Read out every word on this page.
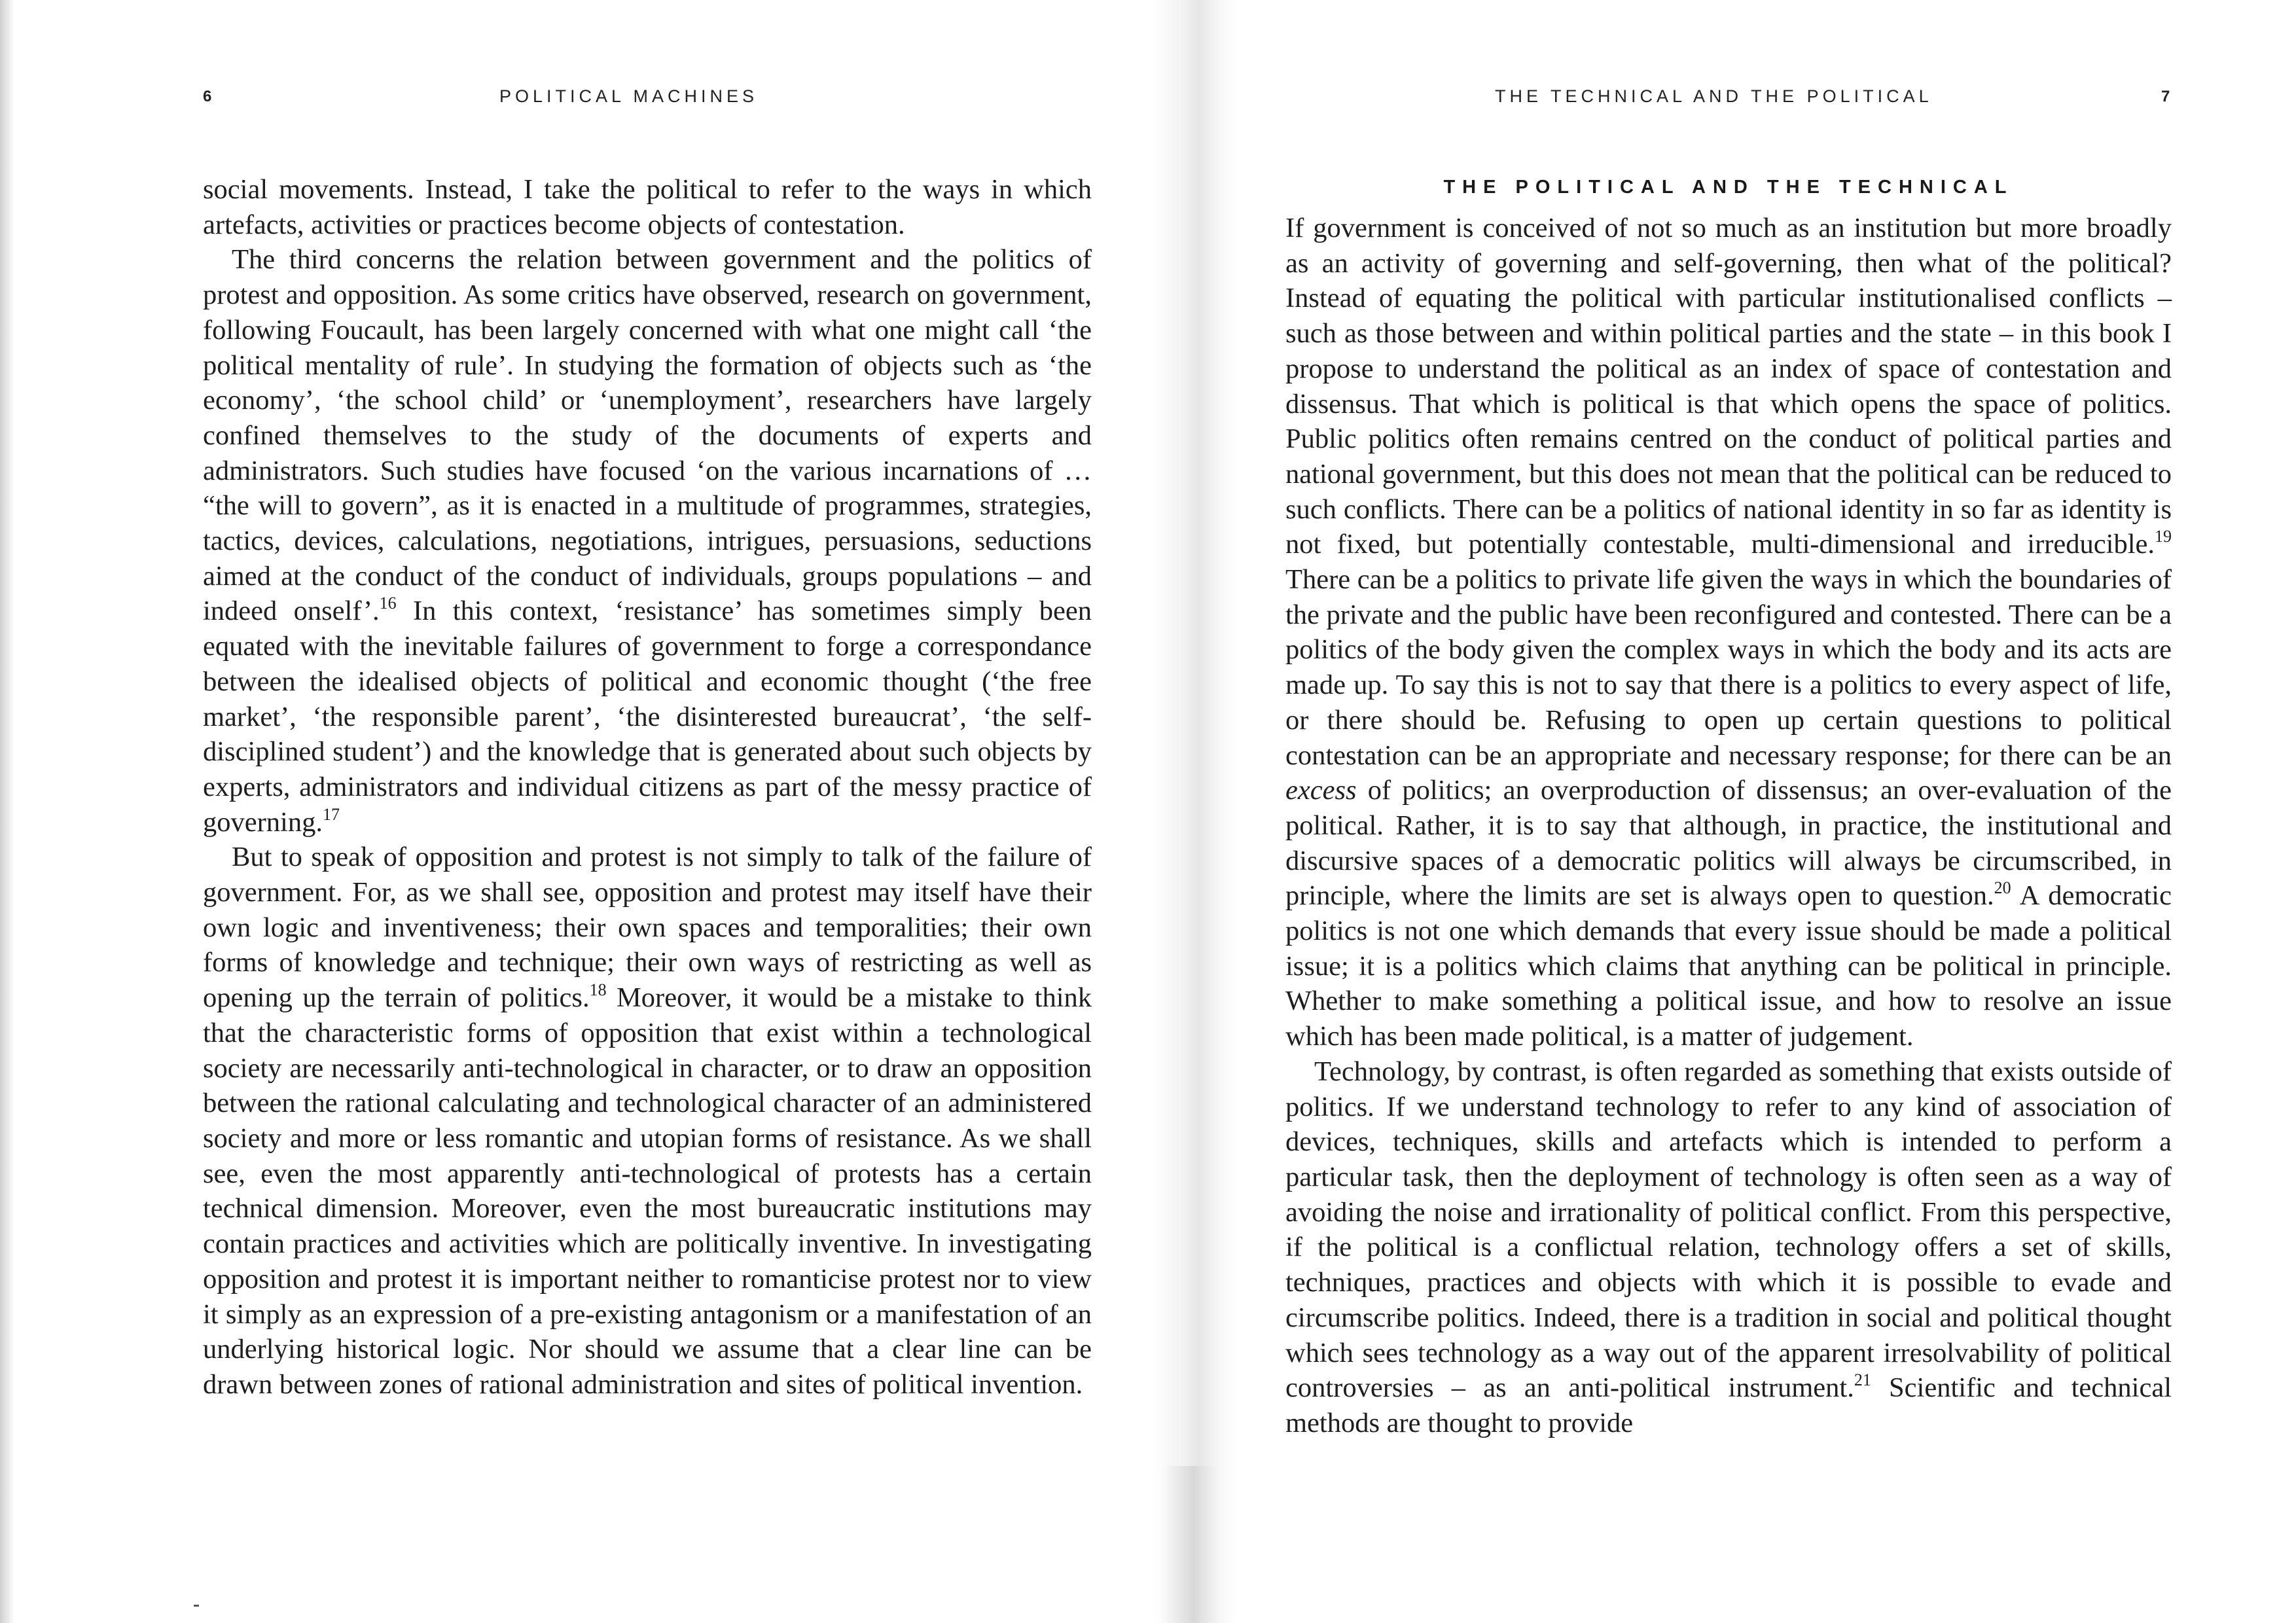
6	POLITICAL MACHINES

social movements. Instead, I take the political to refer to the ways in which artefacts, activities or practices become objects of contestation.

The third concerns the relation between government and the politics of protest and opposition. As some critics have observed, research on government, following Foucault, has been largely concerned with what one might call ‘the political mentality of rule’. In studying the formation of objects such as ‘the economy’, ‘the school child’ or ‘unemployment’, researchers have largely confined themselves to the study of the documents of experts and administrators. Such studies have focused ‘on the various incarnations of … “the will to govern”, as it is enacted in a multitude of programmes, strategies, tactics, devices, calculations, negotiations, intrigues, persuasions, seductions aimed at the conduct of the conduct of individuals, groups populations – and indeed onself’.$^{16}$ In this context, ‘resistance’ has sometimes simply been equated with the inevitable failures of government to forge a correspondance between the idealised objects of political and economic thought (‘the free market’, ‘the responsible parent’, ‘the disinterested bureaucrat’, ‘the self-disciplined student’) and the knowledge that is generated about such objects by experts, administrators and individual citizens as part of the messy practice of governing.$^{17}$

But to speak of opposition and protest is not simply to talk of the failure of government. For, as we shall see, opposition and protest may itself have their own logic and inventiveness; their own spaces and temporalities; their own forms of knowledge and technique; their own ways of restricting as well as opening up the terrain of politics.$^{18}$ Moreover, it would be a mistake to think that the characteristic forms of opposition that exist within a technological society are necessarily anti-technological in character, or to draw an opposition between the rational calculating and technological character of an administered society and more or less romantic and utopian forms of resistance. As we shall see, even the most apparently anti-technological of protests has a certain technical dimension. Moreover, even the most bureaucratic institutions may contain practices and activities which are politically inventive. In investigating opposition and protest it is important neither to romanticise protest nor to view it simply as an expression of a pre-existing antagonism or a manifestation of an underlying historical logic. Nor should we assume that a clear line can be drawn between zones of rational administration and sites of political invention.

THE TECHNICAL AND THE POLITICAL	7
THE POLITICAL AND THE TECHNICAL

If government is conceived of not so much as an institution but more broadly as an activity of governing and self-governing, then what of the political? Instead of equating the political with particular institutionalised conflicts – such as those between and within political parties and the state – in this book I propose to understand the political as an index of space of contestation and dissensus. That which is political is that which opens the space of politics. Public politics often remains centred on the conduct of political parties and national government, but this does not mean that the political can be reduced to such conflicts. There can be a politics of national identity in so far as identity is not fixed, but potentially contestable, multi-dimensional and irreducible.$^{19}$ There can be a politics to private life given the ways in which the boundaries of the private and the public have been reconfigured and contested. There can be a politics of the body given the complex ways in which the body and its acts are made up. To say this is not to say that there is a politics to every aspect of life, or there should be. Refusing to open up certain questions to political contestation can be an appropriate and necessary response; for there can be an excess of politics; an overproduction of dissensus; an over-evaluation of the political. Rather, it is to say that although, in practice, the institutional and discursive spaces of a democratic politics will always be circumscribed, in principle, where the limits are set is always open to question.$^{20}$ A democratic politics is not one which demands that every issue should be made a political issue; it is a politics which claims that anything can be political in principle. Whether to make something a political issue, and how to resolve an issue which has been made political, is a matter of judgement.

Technology, by contrast, is often regarded as something that exists outside of politics. If we understand technology to refer to any kind of association of devices, techniques, skills and artefacts which is intended to perform a particular task, then the deployment of technology is often seen as a way of avoiding the noise and irrationality of political conflict. From this perspective, if the political is a conflictual relation, technology offers a set of skills, techniques, practices and objects with which it is possible to evade and circumscribe politics. Indeed, there is a tradition in social and political thought which sees technology as a way out of the apparent irresolvability of political controversies – as an anti-political instrument.$^{21}$ Scientific and technical methods are thought to provide
